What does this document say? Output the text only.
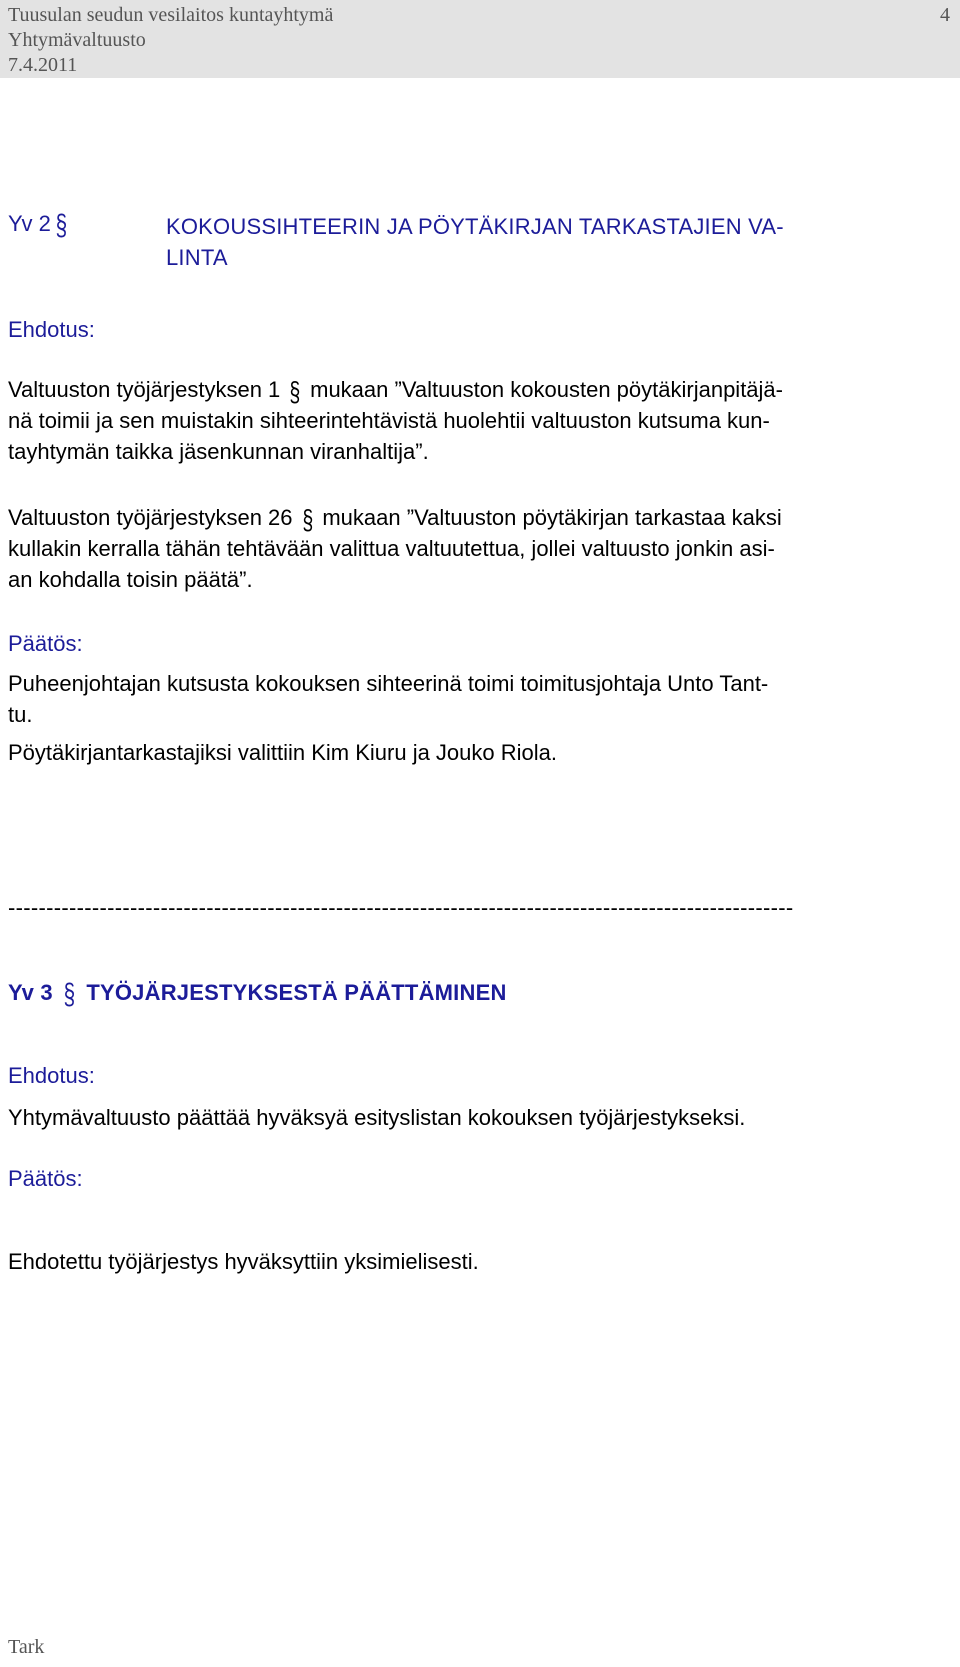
Tuusulan seudun vesilaitos kuntayhtymä

Yhtymävaltuusto

7.4.2011

4
Yv 2 §	KOKOUSSIHTEERIN JA PÖYTÄKIRJAN TARKASTAJIEN VA-
LINTA

Ehdotus:

Valtuuston työjärjestyksen 1 § mukaan ”Valtuuston kokousten pöytäkirjanpitäjä-
nä toimii ja sen muistakin sihteerintehtävistä huolehtii valtuuston kutsuma kun-
tayhtymän taikka jäsenkunnan viranhaltija”.
Valtuuston työjärjestyksen 26 § mukaan ”Valtuuston pöytäkirjan tarkastaa kaksi
kullakin kerralla tähän tehtävään valittua valtuutettua, jollei valtuusto jonkin asi-
an kohdalla toisin päätä”.

Päätös:

Puheenjohtajan kutsusta kokouksen sihteerinä toimi toimitusjohtaja Unto Tant-
tu.

Pöytäkirjantarkastajiksi valittiin Kim Kiuru ja Jouko Riola.

-------------------------------------------------------------------------------------------------------
Yv 3 § TYÖJÄRJESTYKSESTÄ PÄÄTTÄMINEN

Ehdotus:

Yhtymävaltuusto päättää hyväksyä esityslistan kokouksen työjärjestykseksi.

Päätös:

Ehdotettu työjärjestys hyväksyttiin yksimielisesti.

Tark
